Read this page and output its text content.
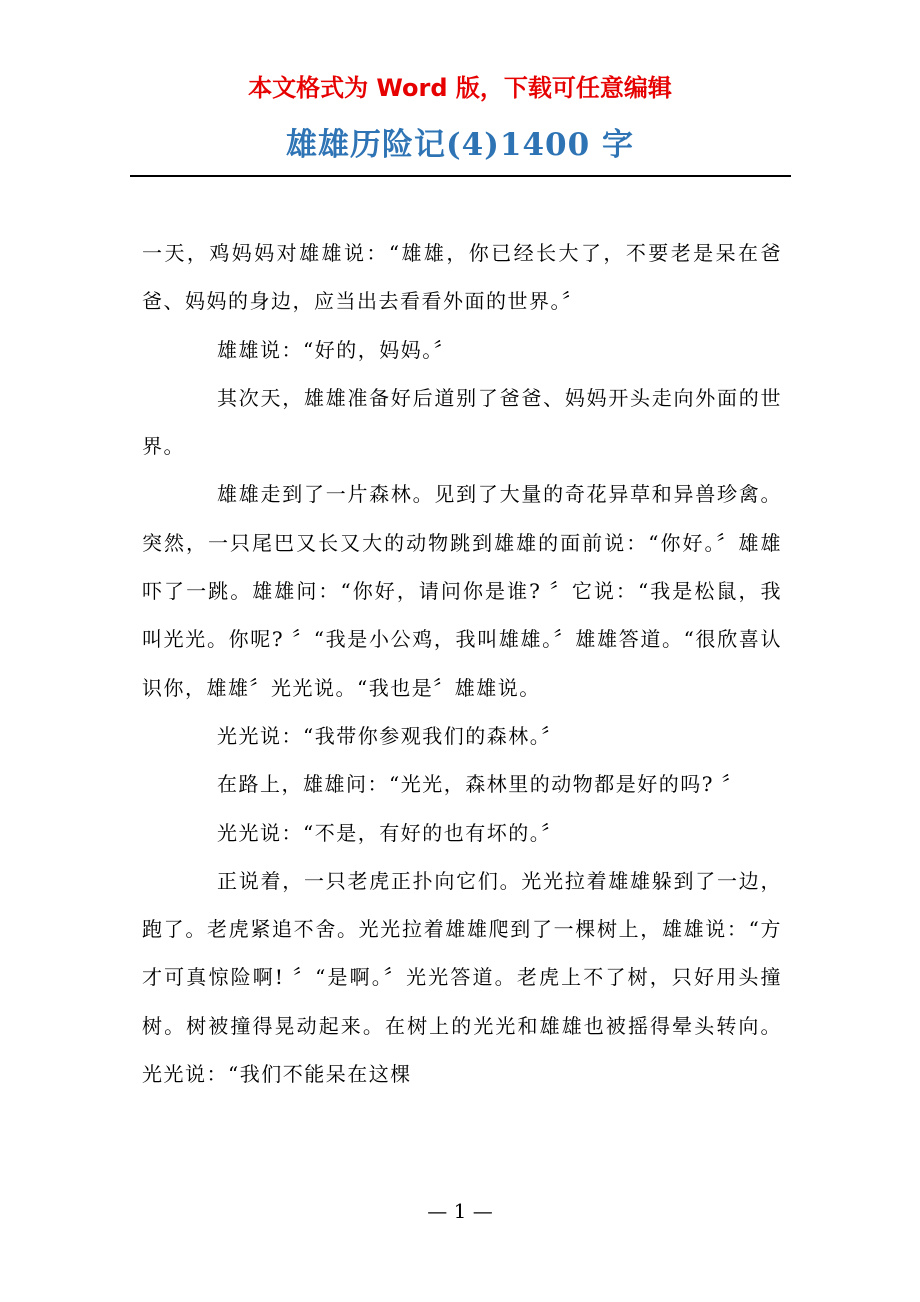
本文格式为 Word 版，下载可任意编辑

雄雄历险记(4)1400 字

一天，鸡妈妈对雄雄说：“雄雄，你已经长大了，不要老是呆在爸爸、妈妈的身边，应当出去看看外面的世界。〞

雄雄说：“好的，妈妈。〞

其次天，雄雄准备好后道别了爸爸、妈妈开头走向外面的世界。

雄雄走到了一片森林。见到了大量的奇花异草和异兽珍禽。突然，一只尾巴又长又大的动物跳到雄雄的面前说：“你好。〞雄雄吓了一跳。雄雄问：“你好，请问你是谁? 〞它说：“我是松鼠，我叫光光。你呢? 〞“我是小公鸡，我叫雄雄。〞雄雄答道。“很欣喜认识你，雄雄〞光光说。“我也是〞雄雄说。

光光说：“我带你参观我们的森林。〞

在路上，雄雄问：“光光，森林里的动物都是好的吗? 〞

光光说：“不是，有好的也有坏的。〞

正说着，一只老虎正扑向它们。光光拉着雄雄躲到了一边，跑了。老虎紧追不舍。光光拉着雄雄爬到了一棵树上，雄雄说：“方才可真惊险啊! 〞“是啊。〞光光答道。老虎上不了树，只好用头撞树。树被撞得晃动起来。在树上的光光和雄雄也被摇得晕头转向。光光说：“我们不能呆在这棵

— 1 —
